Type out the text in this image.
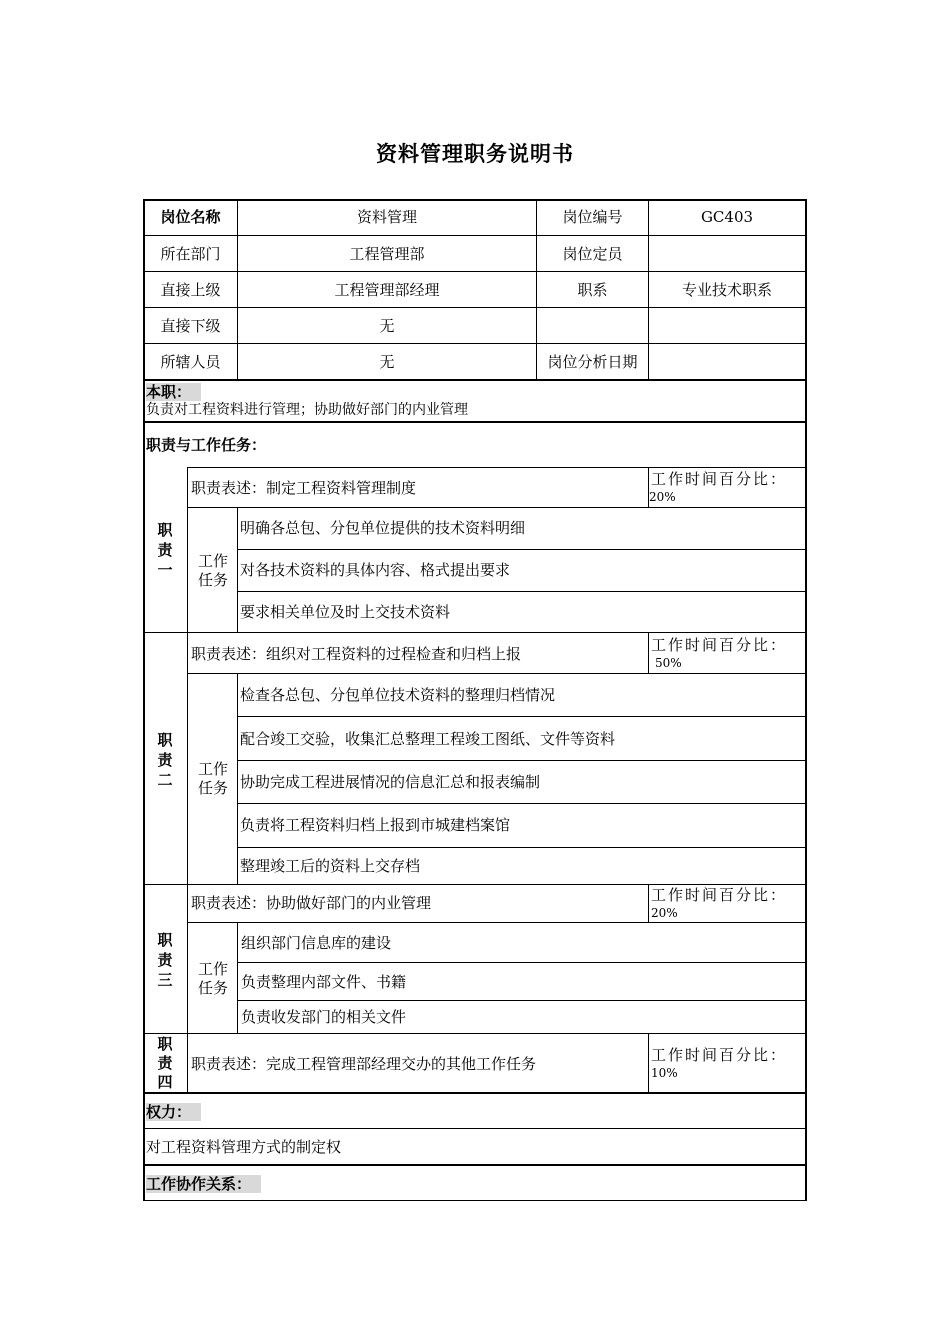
资料管理职务说明书
岗位名称	资料管理	岗位编号	GC403
所在部门	工程管理部	岗位定员
直接上级	工程管理部经理	职系	专业技术职系
直接下级	无
所辖人员	无	岗位分析日期
本职：
负责对工程资料进行管理；协助做好部门的内业管理
职责与工作任务：
职责一
职责表述：制定工程资料管理制度	工作时间百分比：
20%
工作任务
明确各总包、分包单位提供的技术资料明细
对各技术资料的具体内容、格式提出要求
要求相关单位及时上交技术资料
职责二
职责表述：组织对工程资料的过程检查和归档上报	工作时间百分比：
50%
工作任务
检查各总包、分包单位技术资料的整理归档情况
配合竣工交验，收集汇总整理工程竣工图纸、文件等资料
协助完成工程进展情况的信息汇总和报表编制
负责将工程资料归档上报到市城建档案馆
整理竣工后的资料上交存档
职责三
职责表述：协助做好部门的内业管理	工作时间百分比：
20%
工作任务
组织部门信息库的建设
负责整理内部文件、书籍
负责收发部门的相关文件
职责四
职责表述：完成工程管理部经理交办的其他工作任务	工作时间百分比：
10%
权力：
对工程资料管理方式的制定权
工作协作关系：
